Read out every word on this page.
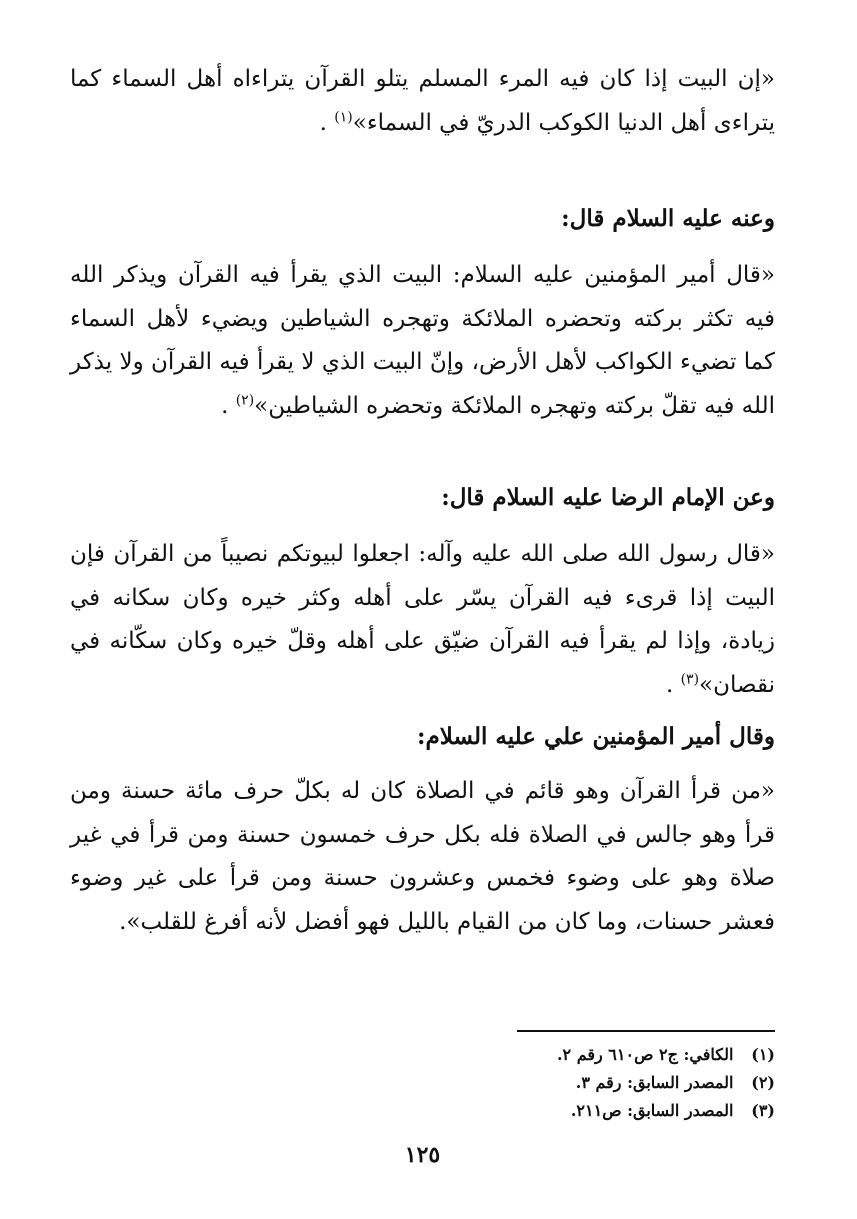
«إن البيت إذا كان فيه المرء المسلم يتلو القرآن يتراءاه أهل السماء كما يتراءى أهل الدنيا الكوكب الدريّ في السماء»$^{(١)}$ .

وعنه عليه السلام قال:

«قال أمير المؤمنين عليه السلام: البيت الذي يقرأ فيه القرآن ويذكر الله فيه تكثر بركته وتحضره الملائكة وتهجره الشياطين ويضيء لأهل السماء كما تضيء الكواكب لأهل الأرض، وإنّ البيت الذي لا يقرأ فيه القرآن ولا يذكر الله فيه تقلّ بركته وتهجره الملائكة وتحضره الشياطين»$^{(٢)}$ .

وعن الإمام الرضا عليه السلام قال:

«قال رسول الله صلى الله عليه وآله: اجعلوا لبيوتكم نصيباً من القرآن فإن البيت إذا قرىء فيه القرآن يسّر على أهله وكثر خيره وكان سكانه في زيادة، وإذا لم يقرأ فيه القرآن ضيّق على أهله وقلّ خيره وكان سكّانه في نقصان»$^{(٣)}$ .

وقال أمير المؤمنين علي عليه السلام:

«من قرأ القرآن وهو قائم في الصلاة كان له بكلّ حرف مائة حسنة ومن قرأ وهو جالس في الصلاة فله بكل حرف خمسون حسنة ومن قرأ في غير صلاة وهو على وضوء فخمس وعشرون حسنة ومن قرأ على غير وضوء فعشر حسنات، وما كان من القيام بالليل فهو أفضل لأنه أفرغ للقلب».

(١) الكافي: ج٢ ص٦١٠ رقم ٢.
(٢) المصدر السابق: رقم ٣.
(٣) المصدر السابق: ص٢١١.
١٢٥
